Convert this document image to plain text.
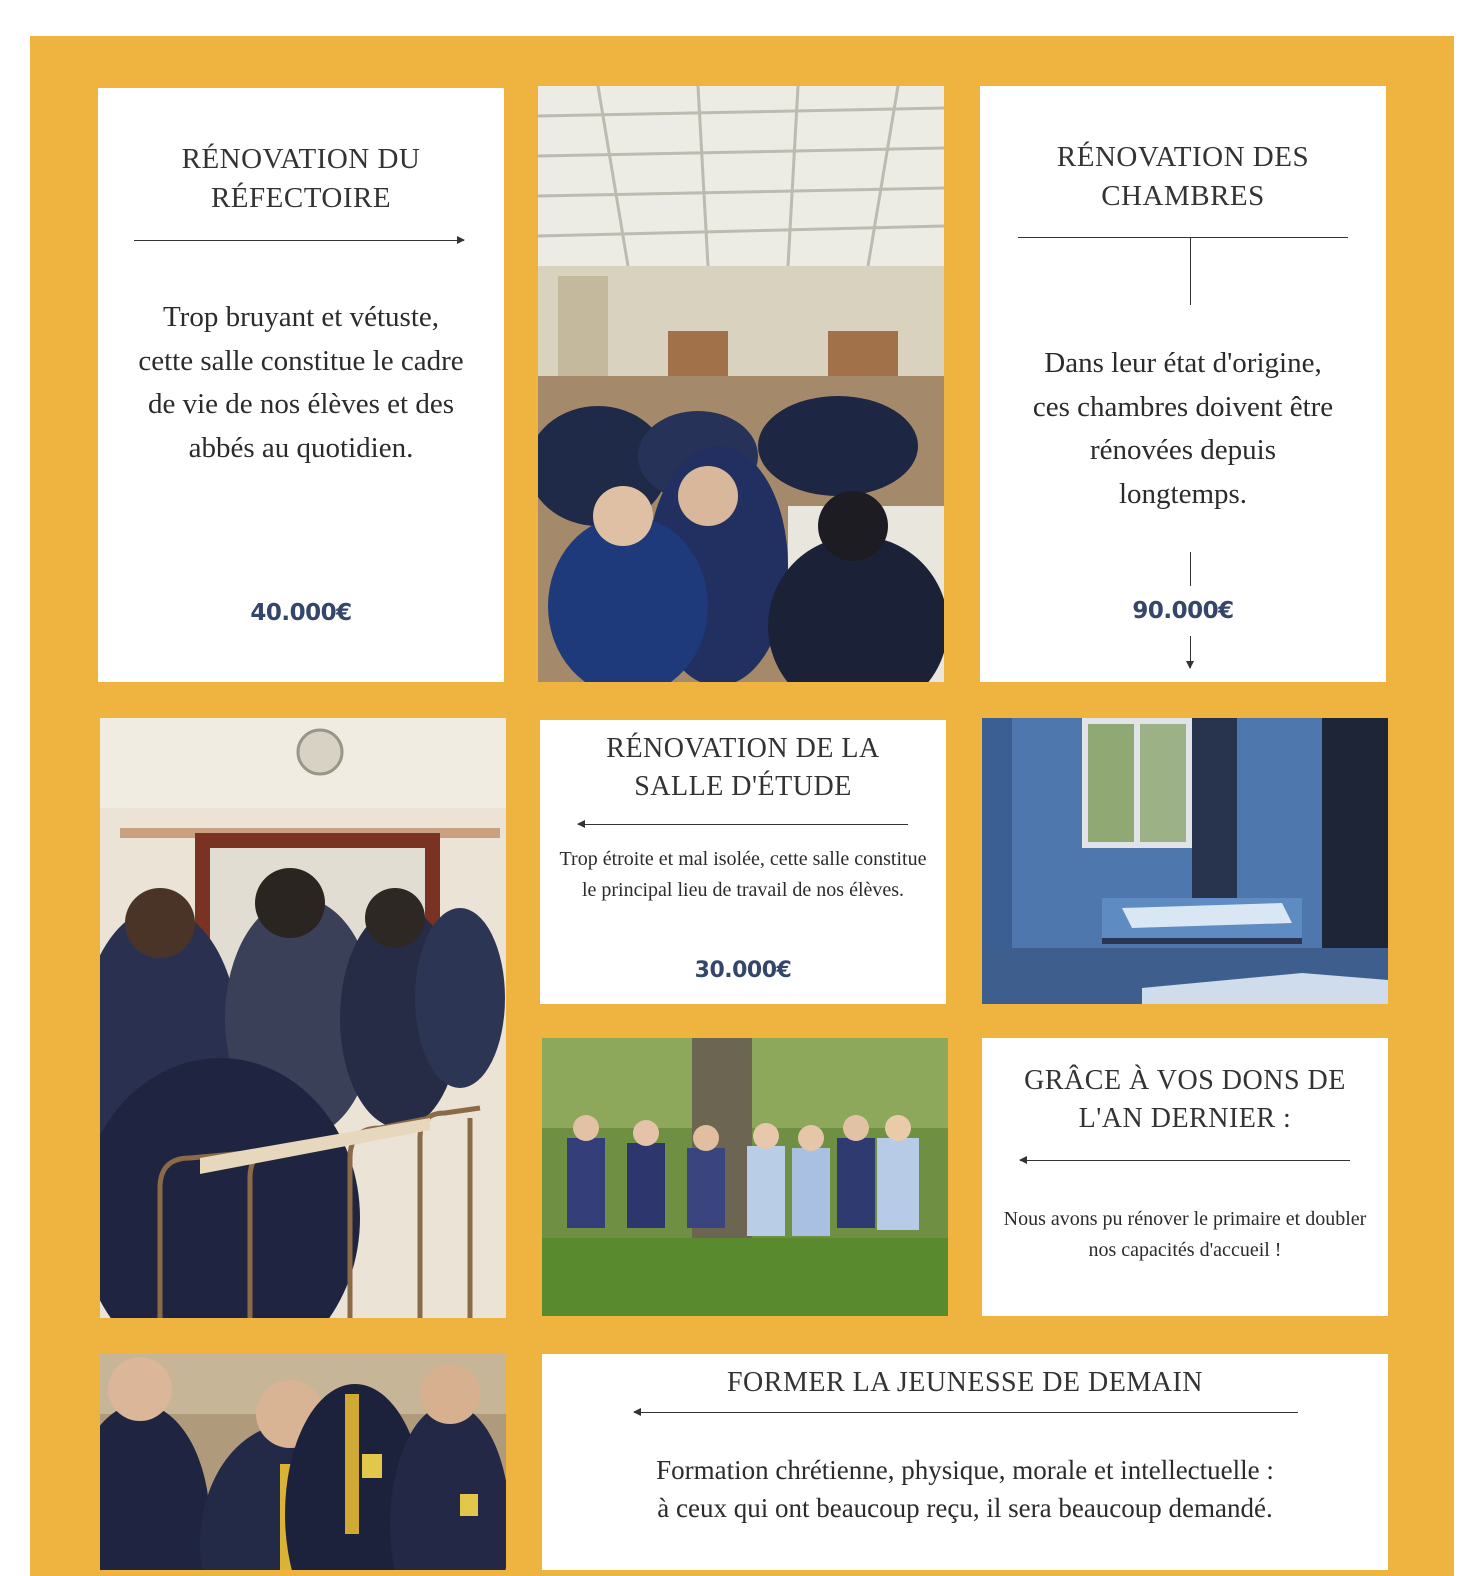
RÉNOVATION DU RÉFECTOIRE

Trop bruyant et vétuste, cette salle constitue le cadre de vie de nos élèves et des abbés au quotidien.

40.000€
RÉNOVATION DES CHAMBRES

Dans leur état d'origine, ces chambres doivent être rénovées depuis longtemps.

90.000€
RÉNOVATION DE LA SALLE D'ÉTUDE

Trop étroite et mal isolée, cette salle constitue le principal lieu de travail de nos élèves.

30.000€
GRÂCE À VOS DONS DE L'AN DERNIER :

Nous avons pu rénover le primaire et doubler nos capacités d'accueil !

FORMER LA JEUNESSE DE DEMAIN

Formation chrétienne, physique, morale et intellectuelle :

à ceux qui ont beaucoup reçu, il sera beaucoup demandé.
